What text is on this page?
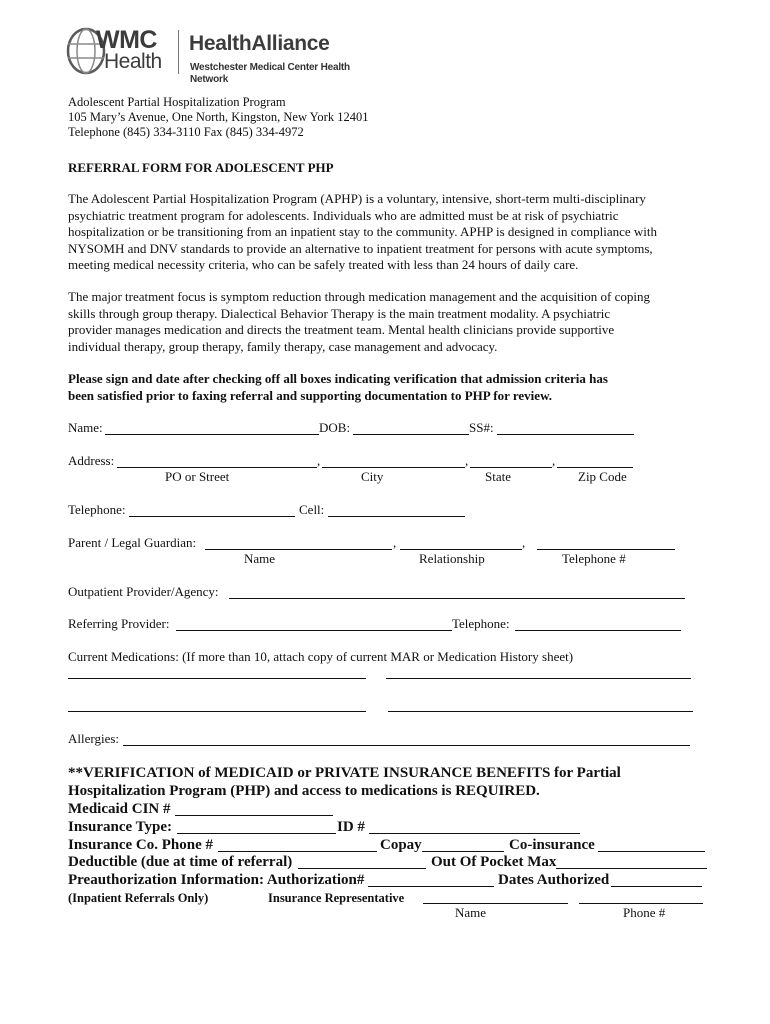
WMC
Health
HealthAlliance
Westchester Medical Center Health Network
Adolescent Partial Hospitalization Program
105 Mary’s Avenue, One North, Kingston, New York 12401
Telephone (845) 334-3110 Fax (845) 334-4972
REFERRAL FORM FOR ADOLESCENT PHP
The Adolescent Partial Hospitalization Program (APHP) is a voluntary, intensive, short-term multi-disciplinary
psychiatric treatment program for adolescents. Individuals who are admitted must be at risk of psychiatric
hospitalization or be transitioning from an inpatient stay to the community. APHP is designed in compliance with
NYSOMH and DNV standards to provide an alternative to inpatient treatment for persons with acute symptoms,
meeting medical necessity criteria, who can be safely treated with less than 24 hours of daily care.
The major treatment focus is symptom reduction through medication management and the acquisition of coping
skills through group therapy. Dialectical Behavior Therapy is the main treatment modality. A psychiatric
provider manages medication and directs the treatment team. Mental health clinicians provide supportive
individual therapy, group therapy, family therapy, case management and advocacy.
Please sign and date after checking off all boxes indicating verification that admission criteria has
been satisfied prior to faxing referral and supporting documentation to PHP for review.
Name:	DOB:	SS#:
Address:	,	,	,
PO or Street	City	State	Zip Code
Telephone:	Cell:
Parent / Legal Guardian:	,	,
Name	Relationship	Telephone #
Outpatient Provider/Agency:
Referring Provider:	Telephone:
Current Medications: (If more than 10, attach copy of current MAR or Medication History sheet)
Allergies:
**VERIFICATION of MEDICAID or PRIVATE INSURANCE BENEFITS for Partial
Hospitalization Program (PHP) and access to medications is REQUIRED.
Medicaid CIN #
Insurance Type:	ID #
Insurance Co. Phone #	Copay	Co-insurance
Deductible (due at time of referral)	Out Of Pocket Max
Preauthorization Information: Authorization#	Dates Authorized
(Inpatient Referrals Only)	Insurance Representative
Name	Phone #
